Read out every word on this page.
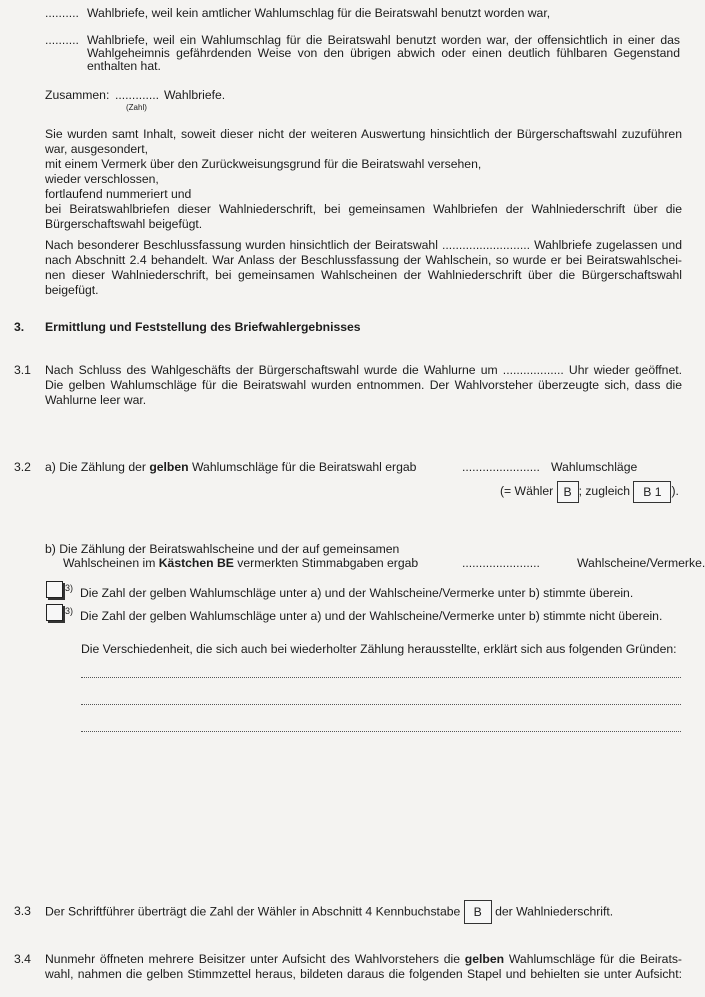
.......... Wahlbriefe, weil kein amtlicher Wahlumschlag für die Beiratswahl benutzt worden war,
.......... Wahlbriefe, weil ein Wahlumschlag für die Beiratswahl benutzt worden war, der offensichtlich in einer das
Wahlgeheimnis gefährdenden Weise von den übrigen abwich oder einen deutlich fühlbaren Gegenstand
enthalten hat.
Zusammen: ............. Wahlbriefe.
(Zahl)
Sie wurden samt Inhalt, soweit dieser nicht der weiteren Auswertung hinsichtlich der Bürgerschaftswahl zuzuführen
war, ausgesondert,
mit einem Vermerk über den Zurückweisungsgrund für die Beiratswahl versehen,
wieder verschlossen,
fortlaufend nummeriert und
bei Beiratswahlbriefen dieser Wahlniederschrift, bei gemeinsamen Wahlbriefen der Wahlniederschrift über die
Bürgerschaftswahl beigefügt.
Nach besonderer Beschlussfassung wurden hinsichtlich der Beiratswahl .......................... Wahlbriefe zugelassen und
nach Abschnitt 2.4 behandelt. War Anlass der Beschlussfassung der Wahlschein, so wurde er bei Beiratswahlschei-
nen dieser Wahlniederschrift, bei gemeinsamen Wahlscheinen der Wahlniederschrift über die Bürgerschaftswahl
beigefügt.
3. Ermittlung und Feststellung des Briefwahlergebnisses
3.1 Nach Schluss des Wahlgeschäfts der Bürgerschaftswahl wurde die Wahlurne um .................. Uhr wieder geöffnet.
Die gelben Wahlumschläge für die Beiratswahl wurden entnommen. Der Wahlvorsteher überzeugte sich, dass die
Wahlurne leer war.
3.2 a) Die Zählung der gelben Wahlumschläge für die Beiratswahl ergab	....................... Wahlumschläge
(= Wähler B ; zugleich B 1 ).
b) Die Zählung der Beiratswahlscheine und der auf gemeinsamen
Wahlscheinen im Kästchen BE vermerkten Stimmabgaben ergab	.......................	Wahlscheine/Vermerke.
3) Die Zahl der gelben Wahlumschläge unter a) und der Wahlscheine/Vermerke unter b) stimmte überein.
3) Die Zahl der gelben Wahlumschläge unter a) und der Wahlscheine/Vermerke unter b) stimmte nicht überein.
Die Verschiedenheit, die sich auch bei wiederholter Zählung herausstellte, erklärt sich aus folgenden Gründen:
3.3 Der Schriftführer überträgt die Zahl der Wähler in Abschnitt 4 Kennbuchstabe B der Wahlniederschrift.
3.4 Nunmehr öffneten mehrere Beisitzer unter Aufsicht des Wahlvorstehers die gelben Wahlumschläge für die Beirats-
wahl, nahmen die gelben Stimmzettel heraus, bildeten daraus die folgenden Stapel und behielten sie unter Aufsicht:
